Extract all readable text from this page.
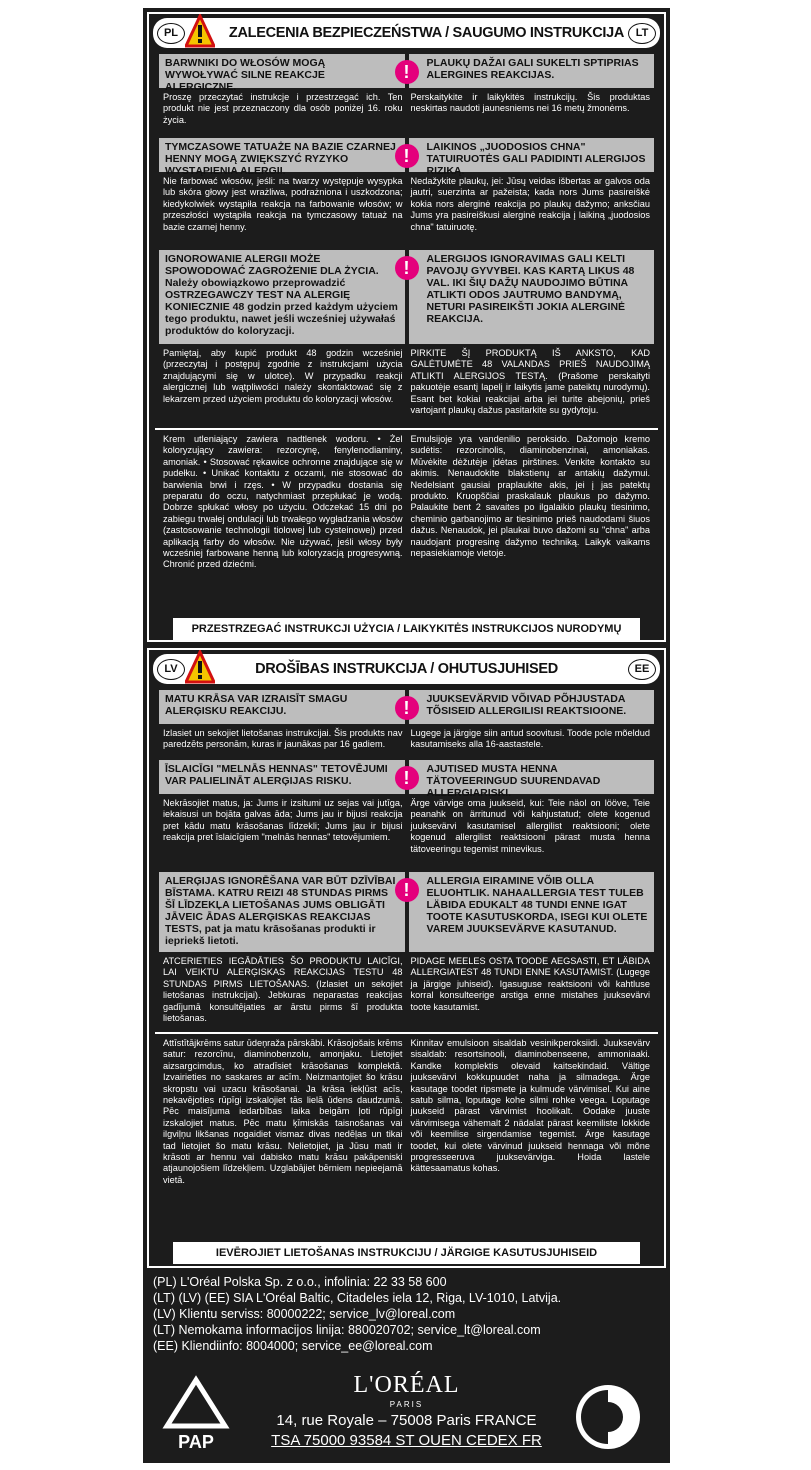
PL	ZALECENIA BEZPIECZEŃSTWA / SAUGUMO INSTRUKCIJA	LT
BARWNIKI DO WŁOSÓW MOGĄ WYWOŁYWAĆ SILNE REAKCJE ALERGICZNE.
PLAUKŲ DAŽAI GALI SUKELTI SPTIPRIAS ALERGINES REAKCIJAS.
!
Proszę przeczytać instrukcje i przestrzegać ich. Ten produkt nie jest przeznaczony dla osób poniżej 16. roku życia.
Perskaitykite ir laikykitės instrukcijų. Šis produktas neskirtas naudoti jaunesniems nei 16 metų žmonėms.
TYMCZASOWE TATUAŻE NA BAZIE CZARNEJ HENNY MOGĄ ZWIĘKSZYĆ RYZYKO WYSTĄPIENIA ALERGII.
LAIKINOS „JUODOSIOS CHNA" TATUIRUOTĖS GALI PADIDINTI ALERGIJOS RIZIKĄ.
!
Nie farbować włosów, jeśli: na twarzy występuje wysypka lub skóra głowy jest wrażliwa, podrażniona i uszkodzona; kiedykolwiek wystąpiła reakcja na farbowanie włosów; w przeszłości wystąpiła reakcja na tymczasowy tatuaż na bazie czarnej henny.
Nedažykite plaukų, jei: Jūsų veidas išbertas ar galvos oda jautri, suerzinta ar pažeista; kada nors Jums pasireiškė kokia nors alerginė reakcija po plaukų dažymo; anksčiau Jums yra pasireiškusi alerginė reakcija į laikiną „juodosios chna" tatuiruotę.
IGNOROWANIE ALERGII MOŻE SPOWODOWAĆ ZAGROŻENIE DLA ŻYCIA. Należy obowiązkowo przeprowadzić OSTRZEGAWCZY TEST NA ALERGIĘ KONIECZNIE 48 godzin przed każdym użyciem tego produktu, nawet jeśli wcześniej używałaś produktów do koloryzacji.
ALERGIJOS IGNORAVIMAS GALI KELTI PAVOJŲ GYVYBEI. KAS KARTĄ LIKUS 48 VAL. IKI ŠIŲ DAŽŲ NAUDOJIMO BŪTINA ATLIKTI ODOS JAUTRUMO BANDYMĄ, NETURI PASIREIKŠTI JOKIA ALERGINĖ REAKCIJA.
!
Pamiętaj, aby kupić produkt 48 godzin wcześniej (przeczytaj i postępuj zgodnie z instrukcjami użycia znajdującymi się w ulotce). W przypadku reakcji alergicznej lub wątpliwości należy skontaktować się z lekarzem przed użyciem produktu do koloryzacji włosów.
PIRKITE ŠĮ PRODUKTĄ IŠ ANKSTO, KAD GALĖTUMĖTE 48 VALANDAS PRIEŠ NAUDOJIMĄ ATLIKTI ALERGIJOS TESTĄ. (Prašome perskaityti pakuotėje esantį lapelį ir laikytis jame pateiktų nurodymų). Esant bet kokiai reakcijai arba jei turite abejonių, prieš vartojant plaukų dažus pasitarkite su gydytoju.
Krem utleniający zawiera nadtlenek wodoru. • Żel koloryzujący zawiera: rezorcynę, fenylenodiaminy, amoniak. • Stosować rękawice ochronne znajdujące się w pudełku. • Unikać kontaktu z oczami, nie stosować do barwienia brwi i rzęs. • W przypadku dostania się preparatu do oczu, natychmiast przepłukać je wodą. Dobrze spłukać włosy po użyciu. Odczekać 15 dni po zabiegu trwałej ondulacji lub trwałego wygładzania włosów (zastosowanie technologii tiolowej lub cysteinowej) przed aplikacją farby do włosów. Nie używać, jeśli włosy były wcześniej farbowane henną lub koloryzacją progresywną. Chronić przed dziećmi.
Emulsijoje yra vandenilio peroksido. Dažomojo kremo sudėtis: rezorcinolis, diaminobenzinai, amoniakas. Mūvėkite dėžutėje įdėtas pirštines. Venkite kontakto su akimis. Nenaudokite blakstienų ar antakių dažymui. Nedelsiant gausiai praplaukite akis, jei į jas patektų produkto. Kruopščiai praskalauk plaukus po dažymo. Palaukite bent 2 savaites po ilgalaikio plaukų tiesinimo, cheminio garbanojimo ar tiesinimo prieš naudodami šiuos dažus. Nenaudok, jei plaukai buvo dažomi su "chna" arba naudojant progresinę dažymo techniką. Laikyk vaikams nepasiekiamoje vietoje.
PRZESTRZEGAĆ INSTRUKCJI UŻYCIA / LAIKYKITĖS INSTRUKCIJOS NURODYMŲ
LV	DROŠĪBAS INSTRUKCIJA / OHUTUSJUHISED	EE
MATU KRĀSA VAR IZRAISĪT SMAGU ALERĢISKU REAKCIJU.
JUUKSEVÄRVID VÕIVAD PÕHJUSTADA TÕSISEID ALLERGILISI REAKTSIOONE.
!
Izlasiet un sekojiet lietošanas instrukcijai. Šis produkts nav paredzēts personām, kuras ir jaunākas par 16 gadiem.
Lugege ja järgige siin antud soovitusi. Toode pole mõeldud kasutamiseks alla 16-aastastele.
ĪSLAICĪGI "MELNĀS HENNAS" TETOVĒJUMI VAR PALIELINĀT ALERĢIJAS RISKU.
AJUTISED MUSTA HENNA TÄTOVEERINGUD SUURENDAVAD ALLERGIARISKI.
!
Nekrāsojiet matus, ja: Jums ir izsitumi uz sejas vai jutīga, iekaisusi un bojāta galvas āda; Jums jau ir bijusi reakcija pret kādu matu krāsošanas līdzekli; Jums jau ir bijusi reakcija pret īslaicīgiem "melnās hennas" tetovējumiem.
Ärge värvige oma juukseid, kui: Teie näol on lööve, Teie peanahk on ärritunud või kahjustatud; olete kogenud juuksevärvi kasutamisel allergilist reaktsiooni; olete kogenud allergilist reaktsiooni pärast musta henna tätoveeringu tegemist minevikus.
ALERĢIJAS IGNORĒŠANA VAR BŪT DZĪVĪBAI BĪSTAMA. KATRU REIZI 48 STUNDAS PIRMS ŠĪ LĪDZEKĻA LIETOŠANAS JUMS OBLIGĀTI JĀVEIC ĀDAS ALERĢISKAS REAKCIJAS TESTS, pat ja matu krāsošanas produkti ir iepriekš lietoti.
ALLERGIA EIRAMINE VÕIB OLLA ELUOHTLIK. NAHAALLERGIA TEST TULEB LÄBIDA EDUKALT 48 TUNDI ENNE IGAT TOOTE KASUTUSKORDA, ISEGI KUI OLETE VAREM JUUKSEVÄRVE KASUTANUD.
!
ATCERIETIES IEGĀDĀTIES ŠO PRODUKTU LAICĪGI, LAI VEIKTU ALERĢISKAS REAKCIJAS TESTU 48 STUNDAS PIRMS LIETOŠANAS. (Izlasiet un sekojiet lietošanas instrukcijai). Jebkuras neparastas reakcijas gadījumā konsultējaties ar ārstu pirms šī produkta lietošanas.
PIDAGE MEELES OSTA TOODE AEGSASTI, ET LÄBIDA ALLERGIATEST 48 TUNDI ENNE KASUTAMIST. (Lugege ja järgige juhiseid). Igasuguse reaktsiooni või kahtluse korral konsulteerige arstiga enne mistahes juuksevärvi toote kasutamist.
Attīstītājkrēms satur ūdeņraža pārskābi. Krāsojošais krēms satur: rezorcīnu, diaminobenzolu, amonjaku. Lietojiet aizsargcimdus, ko atradīsiet krāsošanas komplektā. Izvairieties no saskares ar acīm. Neizmantojiet šo krāsu skropstu vai uzacu krāsošanai. Ja krāsa iekļūst acīs, nekavējoties rūpīgi izskalojiet tās lielā ūdens daudzumā. Pēc maisījuma iedarbības laika beigām ļoti rūpīgi izskalojiet matus. Pēc matu ķīmiskās taisnošanas vai ilgviļņu likšanas nogaidiet vismaz divas nedēļas un tikai tad lietojiet šo matu krāsu. Nelietojiet, ja Jūsu mati ir krāsoti ar hennu vai dabisko matu krāsu pakāpeniski atjaunojošiem līdzekļiem. Uzglabājiet bērniem nepieejamā vietā.
Kinnitav emulsioon sisaldab vesinikperoksiidi. Juuksevärv sisaldab: resortsinooli, diaminobenseene, ammoniaaki. Kandke komplektis olevaid kaitsekindaid. Vältige juuksevärvi kokkupuudet naha ja silmadega. Ärge kasutage toodet ripsmete ja kulmude värvimisel. Kui aine satub silma, loputage kohe silmi rohke veega. Loputage juukseid pärast värvimist hoolikalt. Oodake juuste värvimisega vähemalt 2 nädalat pärast keemiliste lokkide või keemilise sirgendamise tegemist. Ärge kasutage toodet, kui olete värvinud juukseid hennaga või mõne progresseeruva juuksevärviga. Hoida lastele kättesaamatus kohas.
IEVĒROJIET LIETOŠANAS INSTRUKCIJU / JÄRGIGE KASUTUSJUHISEID
(PL) L'Oréal Polska Sp. z o.o., infolinia: 22 33 58 600
(LT) (LV) (EE) SIA L'Oréal Baltic, Citadeles iela 12, Riga, LV-1010, Latvija.
(LV) Klientu serviss: 80000222; service_lv@loreal.com
(LT) Nemokama informacijos linija: 880020702; service_lt@loreal.com
(EE) Kliendiinfo: 8004000; service_ee@loreal.com
L'ORÉAL
PARIS
14, rue Royale – 75008 Paris FRANCE
TSA 75000 93584 ST OUEN CEDEX FR
PAP
